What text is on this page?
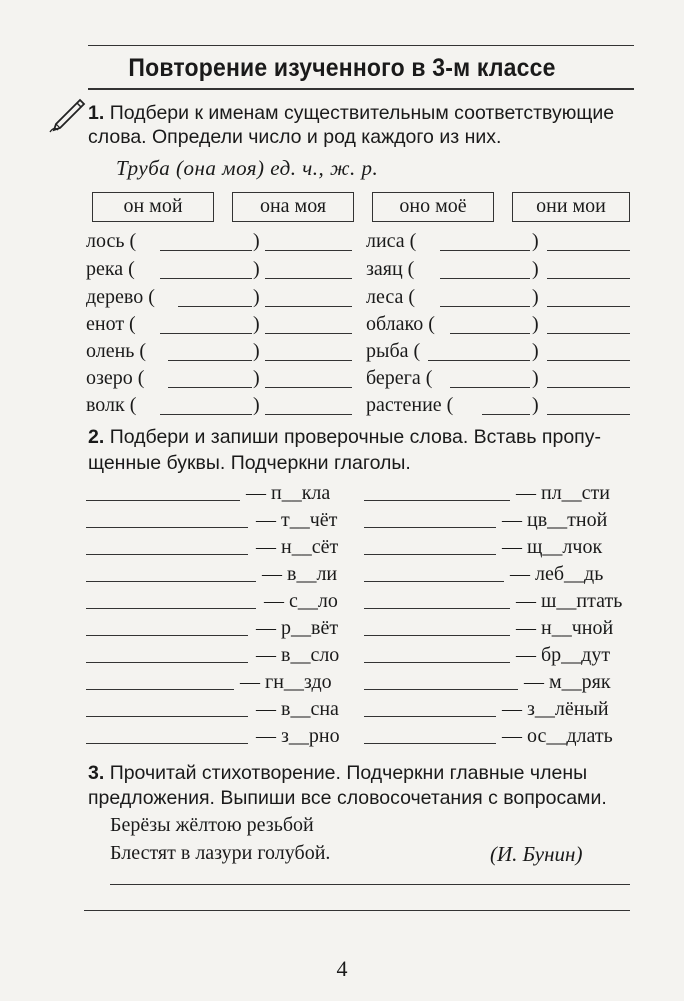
Повторение изученного в 3-м классе
1. Подбери к именам существительным соответствующие
слова. Определи число и род каждого из них.
Труба (она моя) ед. ч., ж. р.
он мой	она моя	оно моё	они мои
лось (	)	лиса (	)
река (	)	заяц (	)
дерево (	)	леса (	)
енот (	)	облако (	)
олень (	)	рыба (	)
озеро (	)	берега (	)
волк (	)	растение (	)
2. Подбери и запиши проверочные слова. Вставь пропу-
щенные буквы. Подчеркни глаголы.
— п__кла	— пл__сти
— т__чёт	— цв__тной
— н__сёт	— щ__лчок
— в__ли	— леб__дь
— с__ло	— ш__птать
— р__вёт	— н__чной
— в__сло	— бр__дут
— гн__здо	— м__ряк
— в__сна	— з__лёный
— з__рно	— ос__длать
3. Прочитай стихотворение. Подчеркни главные члены
предложения. Выпиши все словосочетания с вопросами.
Берёзы жёлтою резьбой
Блестят в лазури голубой.	(И. Бунин)
4
